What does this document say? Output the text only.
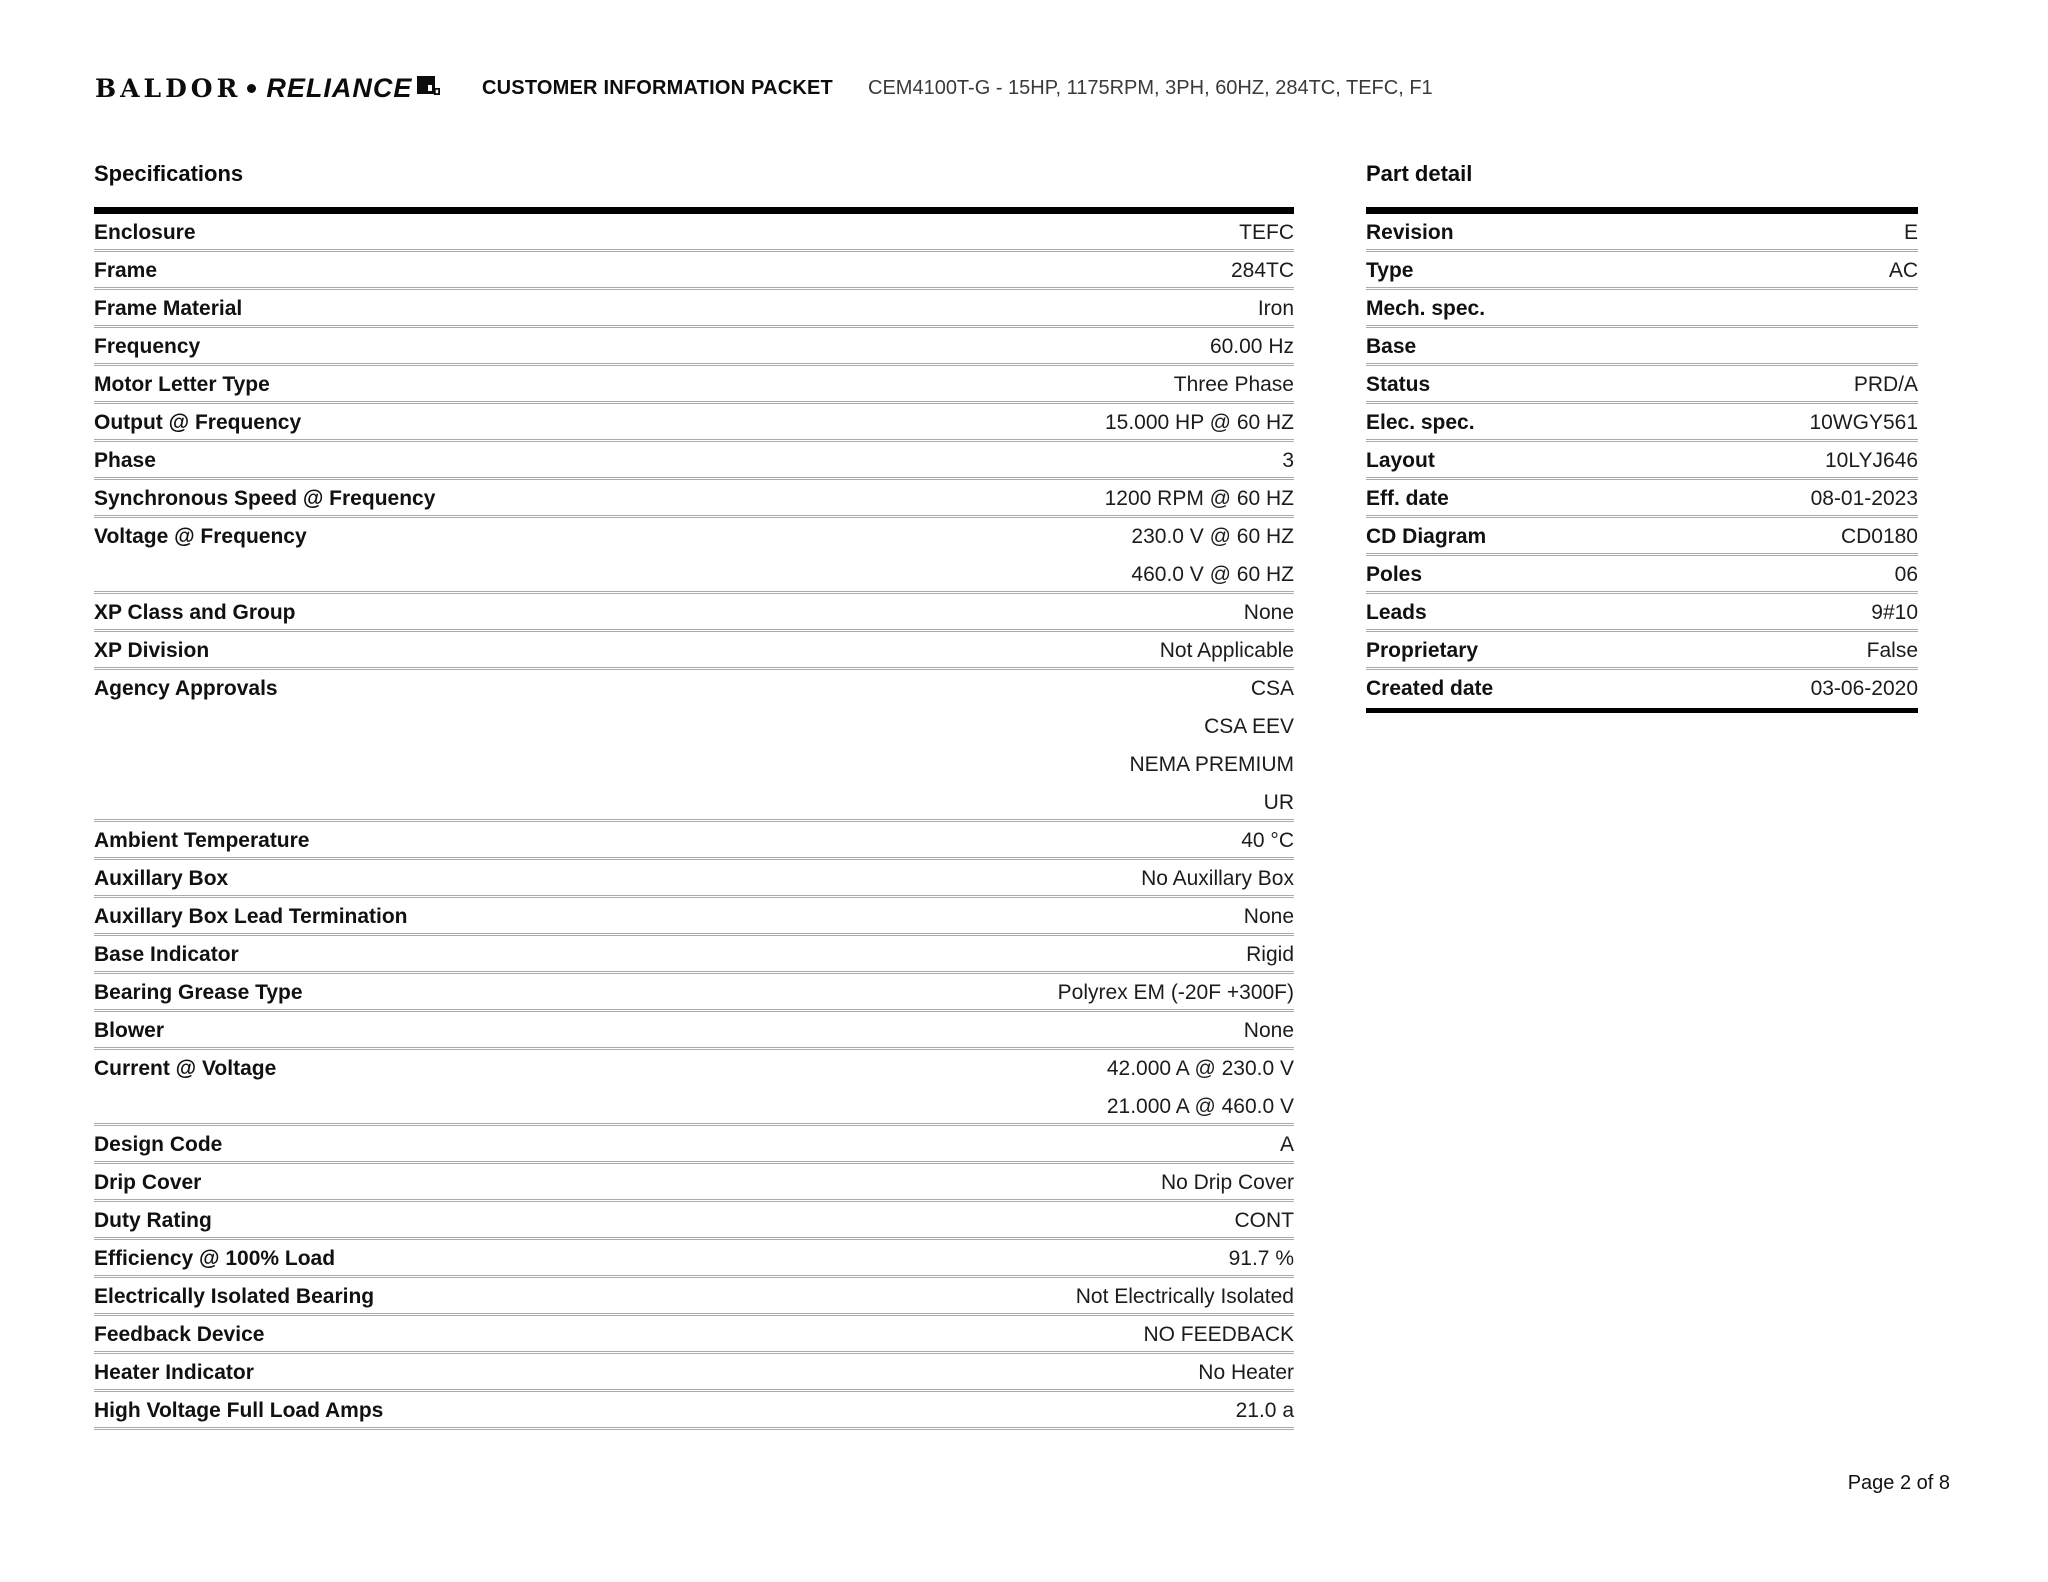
BALDOR RELIANCE	CUSTOMER INFORMATION PACKET CEM4100T-G - 15HP, 1175RPM, 3PH, 60HZ, 284TC, TEFC, F1
Specifications
Enclosure	TEFC
Frame	284TC
Frame Material	Iron
Frequency	60.00 Hz
Motor Letter Type	Three Phase
Output @ Frequency	15.000 HP @ 60 HZ
Phase	3
Synchronous Speed @ Frequency	1200 RPM @ 60 HZ
Voltage @ Frequency	230.0 V @ 60 HZ
460.0 V @ 60 HZ
XP Class and Group	None
XP Division	Not Applicable
Agency Approvals	CSA
CSA EEV
NEMA PREMIUM
UR
Ambient Temperature	40 °C
Auxillary Box	No Auxillary Box
Auxillary Box Lead Termination	None
Base Indicator	Rigid
Bearing Grease Type	Polyrex EM (-20F +300F)
Blower	None
Current @ Voltage	42.000 A @ 230.0 V
21.000 A @ 460.0 V
Design Code	A
Drip Cover	No Drip Cover
Duty Rating	CONT
Efficiency @ 100% Load	91.7 %
Electrically Isolated Bearing	Not Electrically Isolated
Feedback Device	NO FEEDBACK
Heater Indicator	No Heater
High Voltage Full Load Amps	21.0 a
Part detail
Revision	E
Type	AC
Mech. spec.
Base
Status	PRD/A
Elec. spec.	10WGY561
Layout	10LYJ646
Eff. date	08-01-2023
CD Diagram	CD0180
Poles	06
Leads	9#10
Proprietary	False
Created date	03-06-2020
Page 2 of 8
